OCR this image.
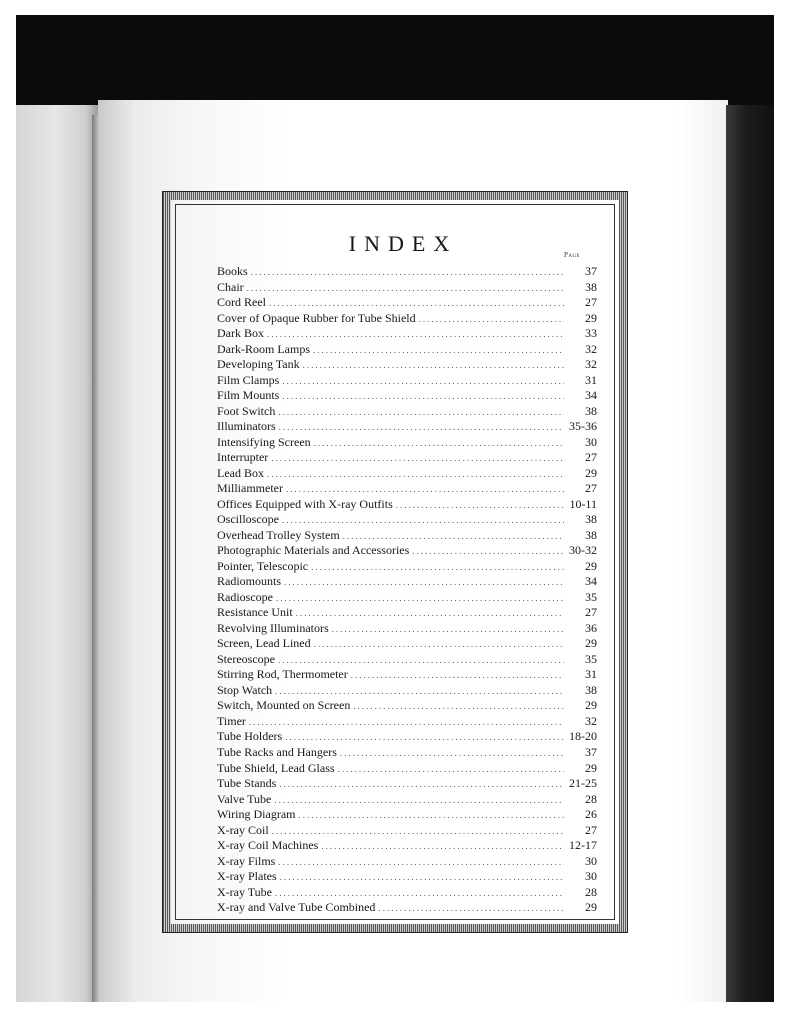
INDEX	Page
Books .....	37
Chair .....	38
Cord Reel .....	27
Cover of Opaque Rubber for Tube Shield .....	29
Dark Box .....	33
Dark-Room Lamps .....	32
Developing Tank .....	32
Film Clamps .....	31
Film Mounts .....	34
Foot Switch .....	38
Illuminators .....	35-36
Intensifying Screen .....	30
Interrupter .....	27
Lead Box .....	29
Milliammeter .....	27
Offices Equipped with X-ray Outfits .....	10-11
Oscilloscope .....	38
Overhead Trolley System .....	38
Photographic Materials and Accessories .....	30-32
Pointer, Telescopic .....	29
Radiomounts .....	34
Radioscope .....	35
Resistance Unit .....	27
Revolving Illuminators .....	36
Screen, Lead Lined .....	29
Stereoscope .....	35
Stirring Rod, Thermometer .....	31
Stop Watch .....	38
Switch, Mounted on Screen .....	29
Timer .....	32
Tube Holders .....	18-20
Tube Racks and Hangers .....	37
Tube Shield, Lead Glass .....	29
Tube Stands .....	21-25
Valve Tube .....	28
Wiring Diagram .....	26
X-ray Coil .....	27
X-ray Coil Machines .....	12-17
X-ray Films .....	30
X-ray Plates .....	30
X-ray Tube .....	28
X-ray and Valve Tube Combined .....	29
